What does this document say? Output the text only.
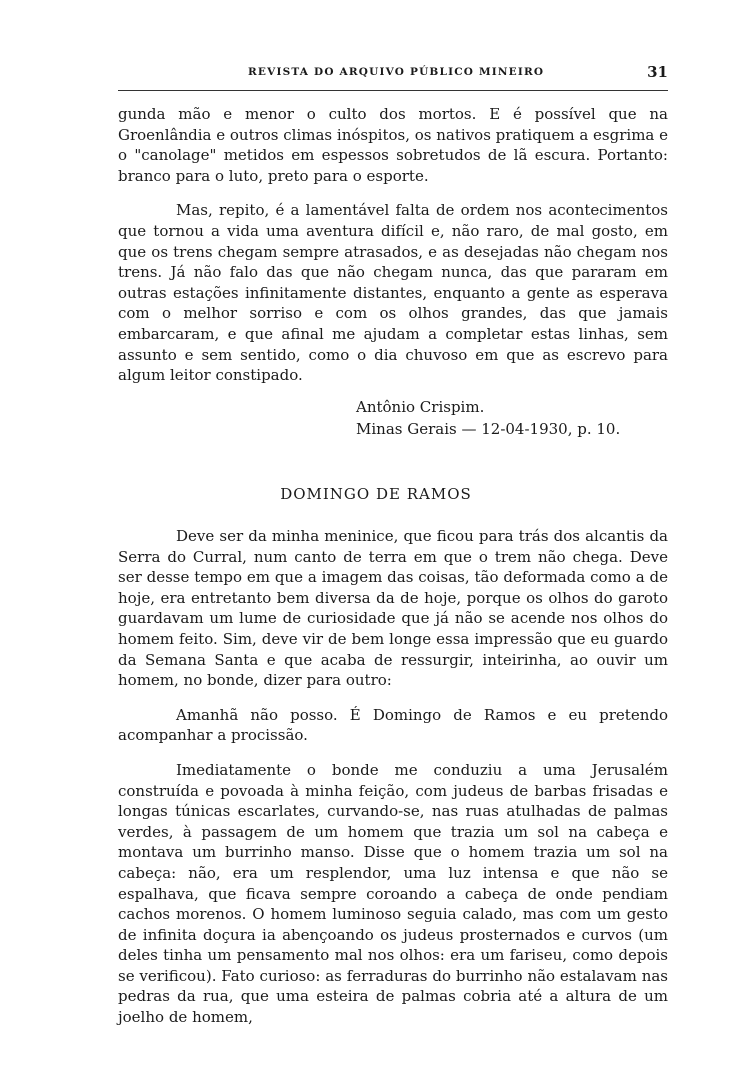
REVISTA DO ARQUIVO PÚBLICO MINEIRO	31

gunda mão e menor o culto dos mortos. E é possível que na Groenlândia e outros climas inóspitos, os nativos pratiquem a esgrima e o "canolage" metidos em espessos sobretudos de lã escura. Portanto: branco para o luto, preto para o esporte.

Mas, repito, é a lamentável falta de ordem nos acontecimentos que tornou a vida uma aventura difícil e, não raro, de mal gosto, em que os trens chegam sempre atrasados, e as desejadas não chegam nos trens. Já não falo das que não chegam nunca, das que pararam em outras estações infinitamente distantes, enquanto a gente as esperava com o melhor sorriso e com os olhos grandes, das que jamais embarcaram, e que afinal me ajudam a completar estas linhas, sem assunto e sem sentido, como o dia chuvoso em que as escrevo para algum leitor constipado.

Antônio Crispim.
Minas Gerais — 12-04-1930, p. 10.
DOMINGO DE RAMOS

Deve ser da minha meninice, que ficou para trás dos alcantis da Serra do Curral, num canto de terra em que o trem não chega. Deve ser desse tempo em que a imagem das coisas, tão deformada como a de hoje, era entretanto bem diversa da de hoje, porque os olhos do garoto guardavam um lume de curiosidade que já não se acende nos olhos do homem feito. Sim, deve vir de bem longe essa impressão que eu guardo da Semana Santa e que acaba de ressurgir, inteirinha, ao ouvir um homem, no bonde, dizer para outro:

Amanhã não posso. É Domingo de Ramos e eu pretendo acompanhar a procissão.

Imediatamente o bonde me conduziu a uma Jerusalém construída e povoada à minha feição, com judeus de barbas frisadas e longas túnicas escarlates, curvando-se, nas ruas atulhadas de palmas verdes, à passagem de um homem que trazia um sol na cabeça e montava um burrinho manso. Disse que o homem trazia um sol na cabeça: não, era um resplendor, uma luz intensa e que não se espalhava, que ficava sempre coroando a cabeça de onde pendiam cachos morenos. O homem luminoso seguia calado, mas com um gesto de infinita doçura ia abençoando os judeus prosternados e curvos (um deles tinha um pensamento mal nos olhos: era um fariseu, como depois se verificou). Fato curioso: as ferraduras do burrinho não estalavam nas pedras da rua, que uma esteira de palmas cobria até a altura de um joelho de homem,
